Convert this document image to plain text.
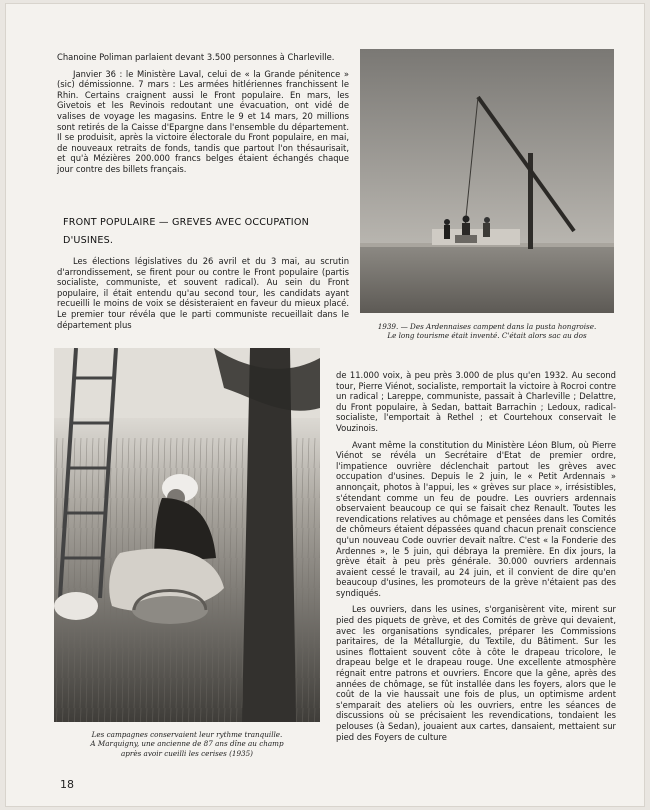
Chanoine Poliman parlaient devant 3.500 personnes à Charleville.

Janvier 36 : le Ministère Laval, celui de « la Grande pénitence » (sic) démissionne. 7 mars : Les armées hitlériennes franchissent le Rhin. Certains craignent aussi le Front populaire. En mars, les Givetois et les Revinois redoutant une évacuation, ont vidé de valises de voyage les magasins. Entre le 9 et 14 mars, 20 millions sont retirés de la Caisse d'Epargne dans l'ensemble du département. Il se produisit, après la victoire électorale du Front populaire, en mai, de nouveaux retraits de fonds, tandis que partout l'on thésaurisait, et qu'à Mézières 200.000 francs belges étaient échangés chaque jour contre des billets français.

FRONT POPULAIRE — GREVES AVEC OCCUPATION
D'USINES.

Les élections législatives du 26 avril et du 3 mai, au scrutin d'arrondissement, se firent pour ou contre le Front populaire (partis socialiste, communiste, et souvent radical). Au sein du Front populaire, il était entendu qu'au second tour, les candidats ayant recueilli le moins de voix se désisteraient en faveur du mieux placé. Le premier tour révéla que le parti communiste recueillait dans le département plus	1939. — Des Ardennaises campent dans la pusta hongroise.
Le long tourisme était inventé. C'était alors sac au dos

Les campagnes conservaient leur rythme tranquille.
A Marquigny, une ancienne de 87 ans dîne au champ
après avoir cueilli les cerises (1935)

de 11.000 voix, à peu près 3.000 de plus qu'en 1932. Au second tour, Pierre Viénot, socialiste, remportait la victoire à Rocroi contre un radical ; Lareppe, communiste, passait à Charleville ; Delattre, du Front populaire, à Sedan, battait Barrachin ; Ledoux, radical-socialiste, l'emportait à Rethel ; et Courtehoux conservait le Vouzinois.

Avant même la constitution du Ministère Léon Blum, où Pierre Viénot se révéla un Secrétaire d'Etat de premier ordre, l'impatience ouvrière déclenchait partout les grèves avec occupation d'usines. Depuis le 2 juin, le « Petit Ardennais » annonçait, photos à l'appui, les « grèves sur place », irrésistibles, s'étendant comme un feu de poudre. Les ouvriers ardennais observaient beaucoup ce qui se faisait chez Renault. Toutes les revendications relatives au chômage et pensées dans les Comités de chômeurs étaient dépassées quand chacun prenait conscience qu'un nouveau Code ouvrier devait naître. C'est « la Fonderie des Ardennes », le 5 juin, qui débraya la première. En dix jours, la grève était à peu près générale. 30.000 ouvriers ardennais avaient cessé le travail, au 24 juin, et il convient de dire qu'en beaucoup d'usines, les promoteurs de la grève n'étaient pas des syndiqués.

Les ouvriers, dans les usines, s'organisèrent vite, mirent sur pied des piquets de grève, et des Comités de grève qui devaient, avec les organisations syndicales, préparer les Commissions paritaires, de la Métallurgie, du Textile, du Bâtiment. Sur les usines flottaient souvent côte à côte le drapeau tricolore, le drapeau belge et le drapeau rouge. Une excellente atmosphère régnait entre patrons et ouvriers. Encore que la gêne, après des années de chômage, se fût installée dans les foyers, alors que le coût de la vie haussait une fois de plus, un optimisme ardent s'emparait des ateliers où les ouvriers, entre les séances de discussions où se précisaient les revendications, tondaient les pelouses (à Sedan), jouaient aux cartes, dansaient, mettaient sur pied des Foyers de culture

18
